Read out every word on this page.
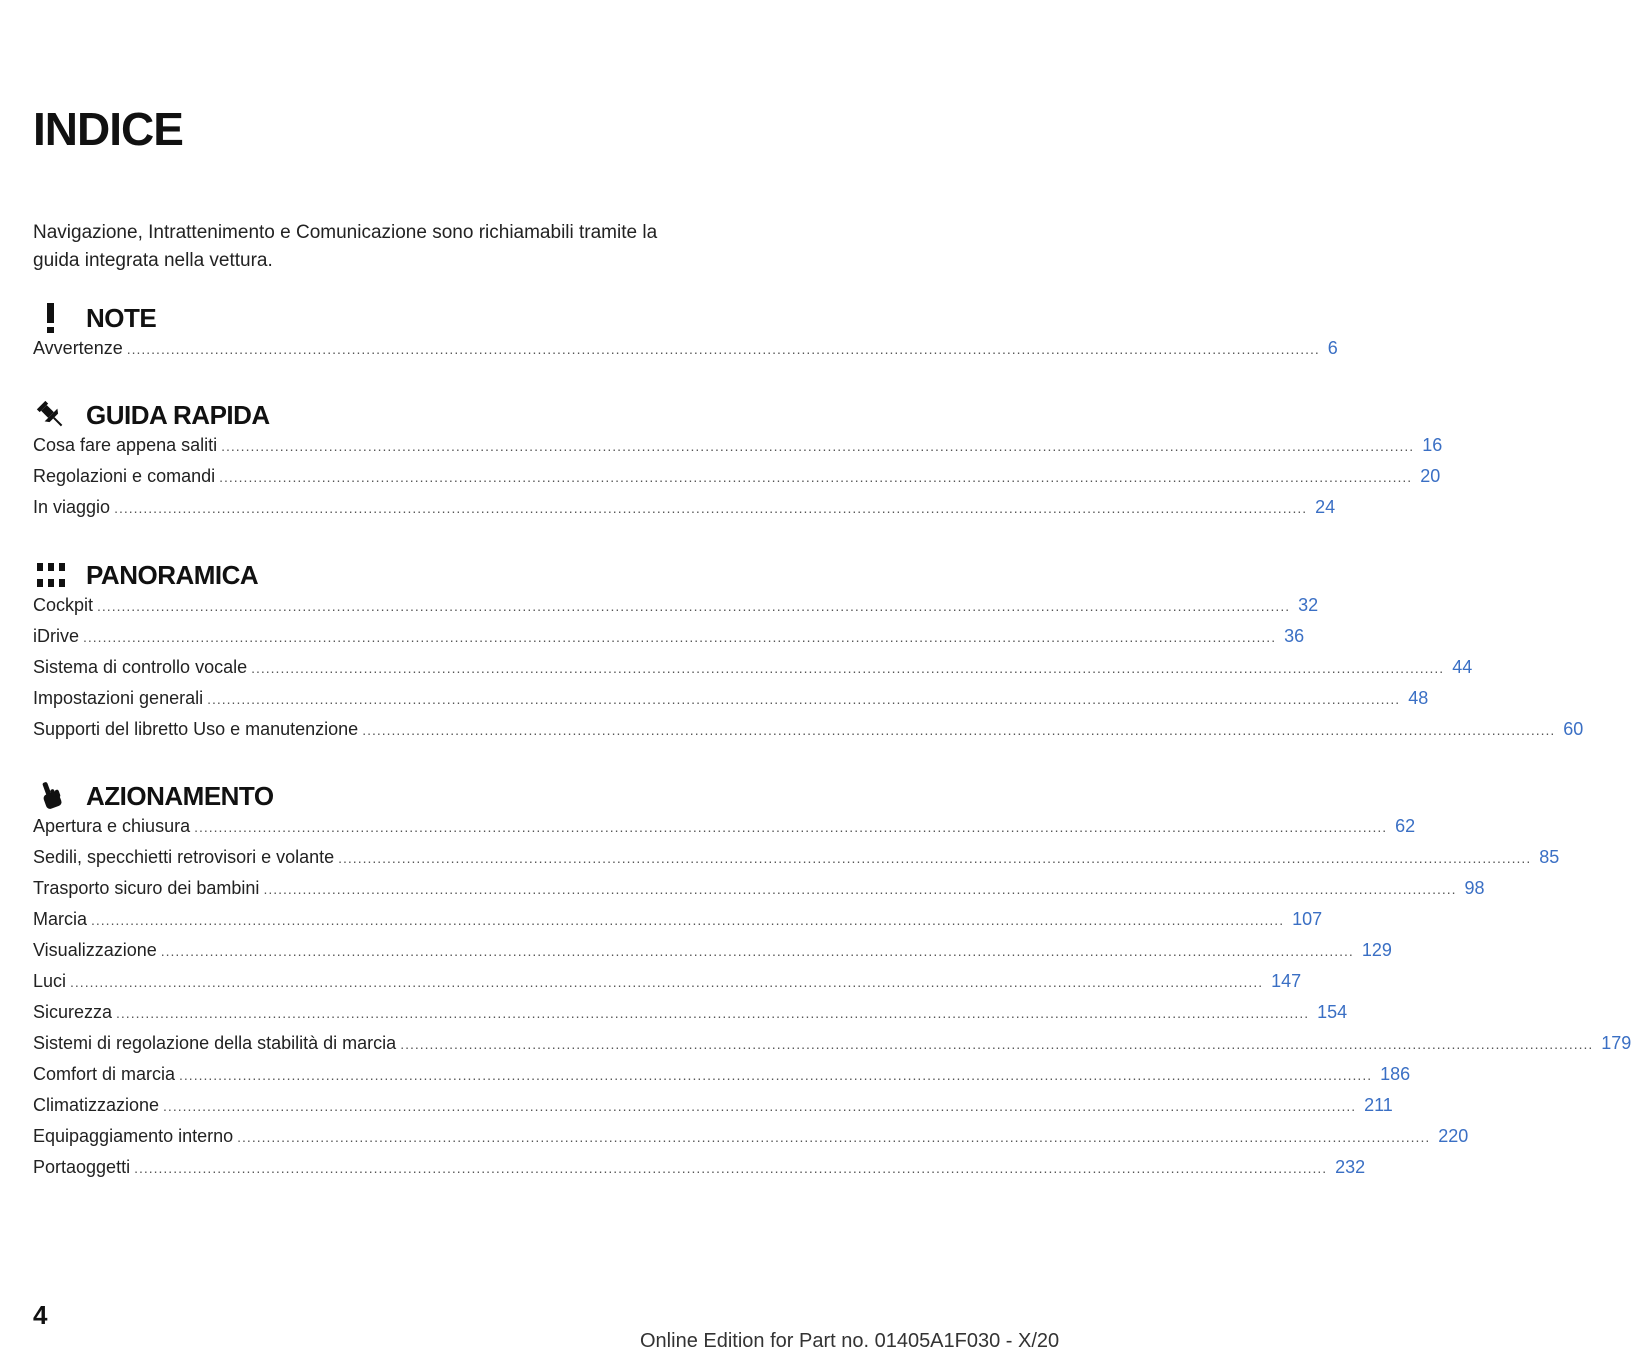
INDICE

Navigazione, Intrattenimento e Comunicazione sono richiamabili tramite la guida integrata nella vettura.

NOTE
Avvertenze .....	6
GUIDA RAPIDA
Cosa fare appena saliti .....	16
Regolazioni e comandi .....	20
In viaggio .....	24
PANORAMICA
Cockpit .....	32
iDrive .....	36
Sistema di controllo vocale .....	44
Impostazioni generali .....	48
Supporti del libretto Uso e manutenzione .....	60
AZIONAMENTO
Apertura e chiusura .....	62
Sedili, specchietti retrovisori e volante .....	85
Trasporto sicuro dei bambini .....	98
Marcia .....	107
Visualizzazione .....	129
Luci .....	147
Sicurezza .....	154
Sistemi di regolazione della stabilità di marcia .....	179
Comfort di marcia .....	186
Climatizzazione .....	211
Equipaggiamento interno .....	220
Portaoggetti .....	232
4
Online Edition for Part no. 01405A1F030 - X/20
